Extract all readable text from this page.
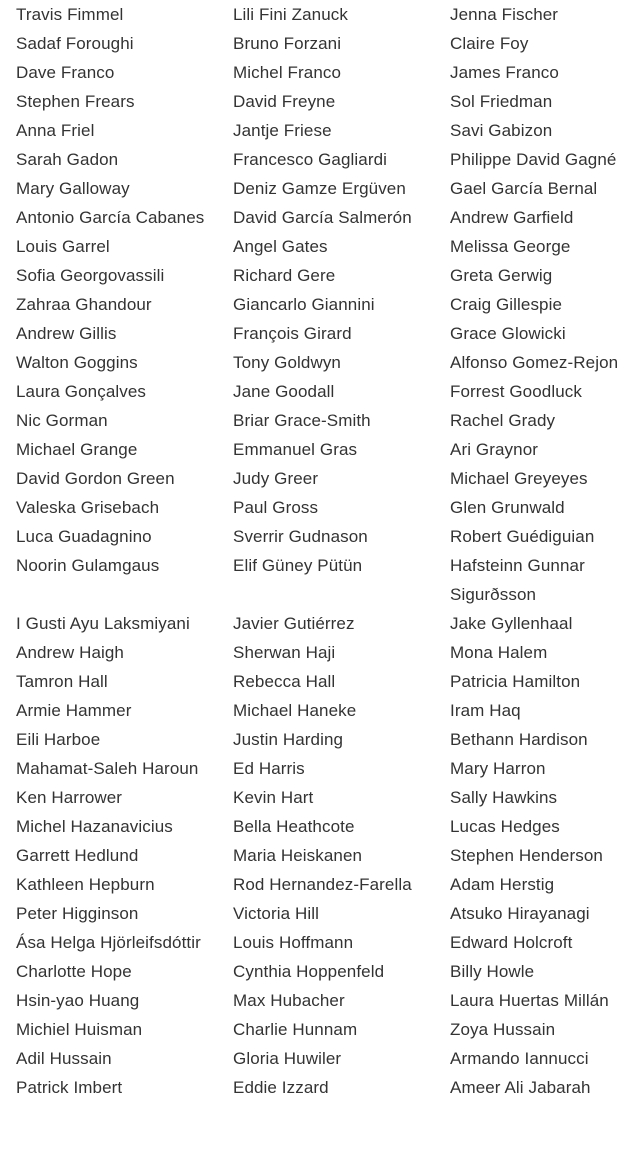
Travis Fimmel	Lili Fini Zanuck	Jenna Fischer
Sadaf Foroughi	Bruno Forzani	Claire Foy
Dave Franco	Michel Franco	James Franco
Stephen Frears	David Freyne	Sol Friedman
Anna Friel	Jantje Friese	Savi Gabizon
Sarah Gadon	Francesco Gagliardi	Philippe David Gagné
Mary Galloway	Deniz Gamze Ergüven	Gael García Bernal
Antonio García Cabanes	David García Salmerón	Andrew Garfield
Louis Garrel	Angel Gates	Melissa George
Sofia Georgovassili	Richard Gere	Greta Gerwig
Zahraa Ghandour	Giancarlo Giannini	Craig Gillespie
Andrew Gillis	François Girard	Grace Glowicki
Walton Goggins	Tony Goldwyn	Alfonso Gomez-Rejon
Laura Gonçalves	Jane Goodall	Forrest Goodluck
Nic Gorman	Briar Grace-Smith	Rachel Grady
Michael Grange	Emmanuel Gras	Ari Graynor
David Gordon Green	Judy Greer	Michael Greyeyes
Valeska Grisebach	Paul Gross	Glen Grunwald
Luca Guadagnino	Sverrir Gudnason	Robert Guédiguian
Noorin Gulamgaus	Elif Güney Pütün	Hafsteinn Gunnar Sigurðsson
I Gusti Ayu Laksmiyani	Javier Gutiérrez	Jake Gyllenhaal
Andrew Haigh	Sherwan Haji	Mona Halem
Tamron Hall	Rebecca Hall	Patricia Hamilton
Armie Hammer	Michael Haneke	Iram Haq
Eili Harboe	Justin Harding	Bethann Hardison
Mahamat-Saleh Haroun	Ed Harris	Mary Harron
Ken Harrower	Kevin Hart	Sally Hawkins
Michel Hazanavicius	Bella Heathcote	Lucas Hedges
Garrett Hedlund	Maria Heiskanen	Stephen Henderson
Kathleen Hepburn	Rod Hernandez-Farella	Adam Herstig
Peter Higginson	Victoria Hill	Atsuko Hirayanagi
Ása Helga Hjörleifsdóttir	Louis Hoffmann	Edward Holcroft
Charlotte Hope	Cynthia Hoppenfeld	Billy Howle
Hsin-yao Huang	Max Hubacher	Laura Huertas Millán
Michiel Huisman	Charlie Hunnam	Zoya Hussain
Adil Hussain	Gloria Huwiler	Armando Iannucci
Patrick Imbert	Eddie Izzard	Ameer Ali Jabarah
